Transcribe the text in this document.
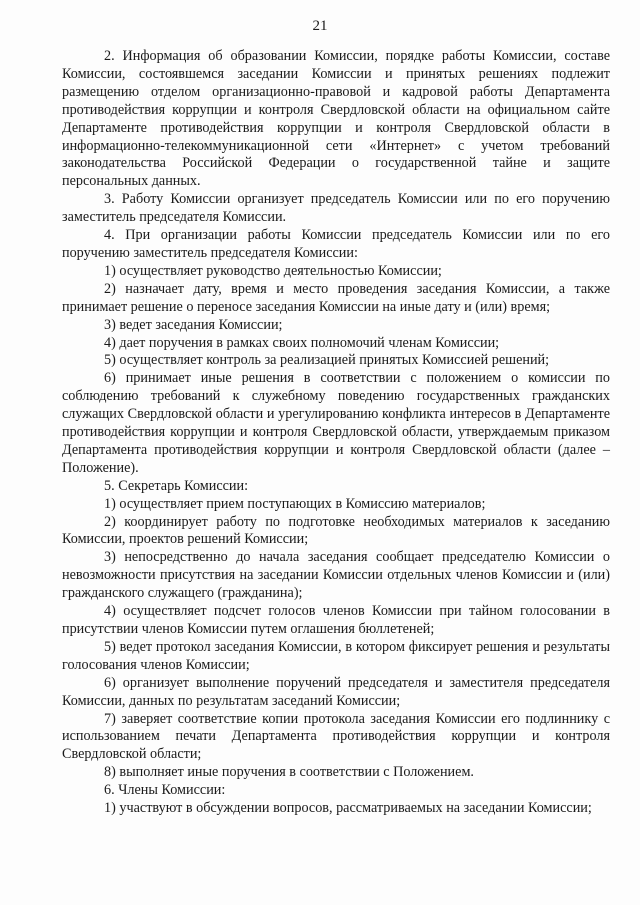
21

2. Информация об образовании Комиссии, порядке работы Комиссии, составе Комиссии, состоявшемся заседании Комиссии и принятых решениях подлежит размещению отделом организационно-правовой и кадровой работы Департамента противодействия коррупции и контроля Свердловской области на официальном сайте Департаменте противодействия коррупции и контроля Свердловской области в информационно-телекоммуникационной сети «Интернет» с учетом требований законодательства Российской Федерации о государственной тайне и защите персональных данных.

3. Работу Комиссии организует председатель Комиссии или по его поручению заместитель председателя Комиссии.

4. При организации работы Комиссии председатель Комиссии или по его поручению заместитель председателя Комиссии:

1) осуществляет руководство деятельностью Комиссии;

2) назначает дату, время и место проведения заседания Комиссии, а также принимает решение о переносе заседания Комиссии на иные дату и (или) время;

3) ведет заседания Комиссии;

4) дает поручения в рамках своих полномочий членам Комиссии;

5) осуществляет контроль за реализацией принятых Комиссией решений;

6) принимает иные решения в соответствии с положением о комиссии по соблюдению требований к служебному поведению государственных гражданских служащих Свердловской области и урегулированию конфликта интересов в Департаменте противодействия коррупции и контроля Свердловской области, утверждаемым приказом Департамента противодействия коррупции и контроля Свердловской области (далее – Положение).

5. Секретарь Комиссии:

1) осуществляет прием поступающих в Комиссию материалов;

2) координирует работу по подготовке необходимых материалов к заседанию Комиссии, проектов решений Комиссии;

3) непосредственно до начала заседания сообщает председателю Комиссии о невозможности присутствия на заседании Комиссии отдельных членов Комиссии и (или) гражданского служащего (гражданина);

4) осуществляет подсчет голосов членов Комиссии при тайном голосовании в присутствии членов Комиссии путем оглашения бюллетеней;

5) ведет протокол заседания Комиссии, в котором фиксирует решения и результаты голосования членов Комиссии;

6) организует выполнение поручений председателя и заместителя председателя Комиссии, данных по результатам заседаний Комиссии;

7) заверяет соответствие копии протокола заседания Комиссии его подлиннику с использованием печати Департамента противодействия коррупции и контроля Свердловской области;

8) выполняет иные поручения в соответствии с Положением.

6. Члены Комиссии:

1) участвуют в обсуждении вопросов, рассматриваемых на заседании Комиссии;
